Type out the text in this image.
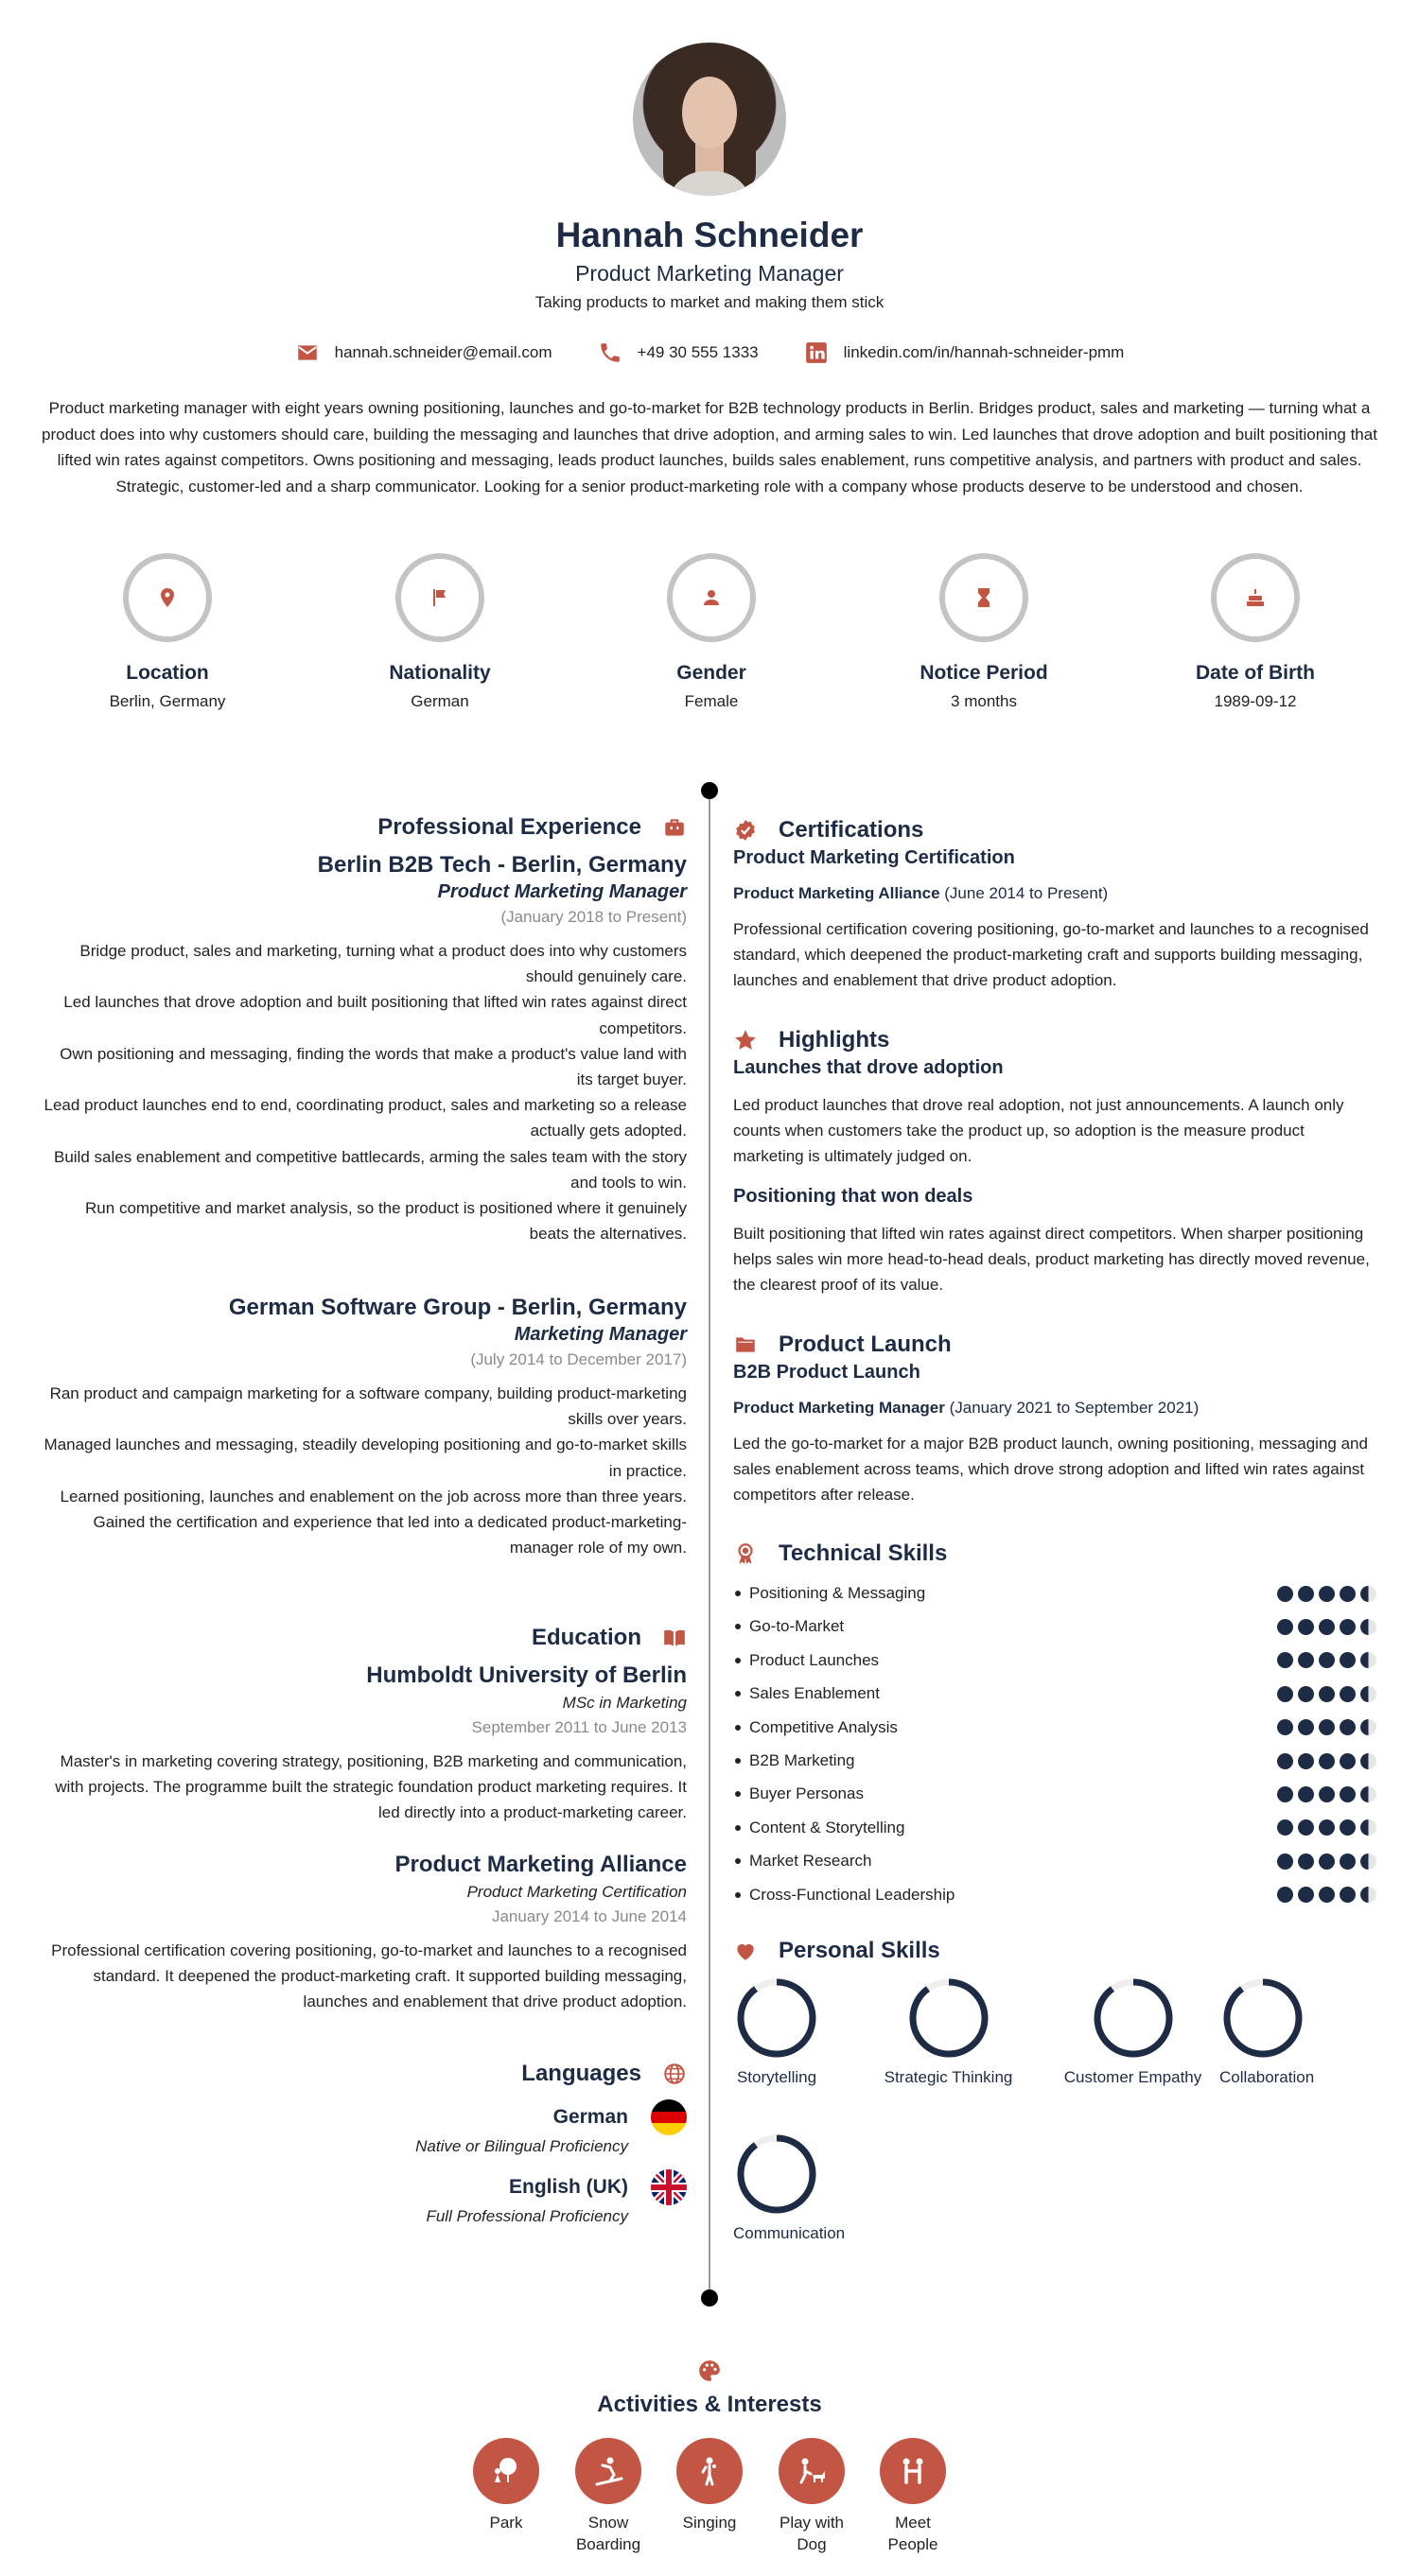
Hannah Schneider
Product Marketing Manager
Taking products to market and making them stick
hannah.schneider@email.com	+49 30 555 1333	linkedin.com/in/hannah-schneider-pmm
Product marketing manager with eight years owning positioning, launches and go-to-market for B2B technology products in Berlin. Bridges product, sales and marketing — turning what a product does into why customers should care, building the messaging and launches that drive adoption, and arming sales to win. Led launches that drove adoption and built positioning that lifted win rates against competitors. Owns positioning and messaging, leads product launches, builds sales enablement, runs competitive analysis, and partners with product and sales. Strategic, customer-led and a sharp communicator. Looking for a senior product-marketing role with a company whose products deserve to be understood and chosen.
Location
Berlin, Germany
Nationality
German
Gender
Female
Notice Period
3 months
Date of Birth
1989-09-12
Professional Experience
Berlin B2B Tech - Berlin, Germany
Product Marketing Manager
(January 2018 to Present)
Bridge product, sales and marketing, turning what a product does into why customers should genuinely care.
Led launches that drove adoption and built positioning that lifted win rates against direct competitors.
Own positioning and messaging, finding the words that make a product's value land with its target buyer.
Lead product launches end to end, coordinating product, sales and marketing so a release actually gets adopted.
Build sales enablement and competitive battlecards, arming the sales team with the story and tools to win.
Run competitive and market analysis, so the product is positioned where it genuinely beats the alternatives.
German Software Group - Berlin, Germany
Marketing Manager
(July 2014 to December 2017)
Ran product and campaign marketing for a software company, building product-marketing skills over years.
Managed launches and messaging, steadily developing positioning and go-to-market skills in practice.
Learned positioning, launches and enablement on the job across more than three years.
Gained the certification and experience that led into a dedicated product-marketing-manager role of my own.
Education
Humboldt University of Berlin
MSc in Marketing
September 2011 to June 2013
Master's in marketing covering strategy, positioning, B2B marketing and communication, with projects. The programme built the strategic foundation product marketing requires. It led directly into a product-marketing career.
Product Marketing Alliance
Product Marketing Certification
January 2014 to June 2014
Professional certification covering positioning, go-to-market and launches to a recognised standard. It deepened the product-marketing craft. It supported building messaging, launches and enablement that drive product adoption.
Languages
German
Native or Bilingual Proficiency
English (UK)
Full Professional Proficiency
Certifications
Product Marketing Certification
Product Marketing Alliance (June 2014 to Present)
Professional certification covering positioning, go-to-market and launches to a recognised standard, which deepened the product-marketing craft and supports building messaging, launches and enablement that drive product adoption.
Highlights
Launches that drove adoption
Led product launches that drove real adoption, not just announcements. A launch only counts when customers take the product up, so adoption is the measure product marketing is ultimately judged on.
Positioning that won deals
Built positioning that lifted win rates against direct competitors. When sharper positioning helps sales win more head-to-head deals, product marketing has directly moved revenue, the clearest proof of its value.
Product Launch
B2B Product Launch
Product Marketing Manager (January 2021 to September 2021)
Led the go-to-market for a major B2B product launch, owning positioning, messaging and sales enablement across teams, which drove strong adoption and lifted win rates against competitors after release.
Technical Skills
Positioning & Messaging
Go-to-Market
Product Launches
Sales Enablement
Competitive Analysis
B2B Marketing
Buyer Personas
Content & Storytelling
Market Research
Cross-Functional Leadership
Personal Skills
Storytelling	Strategic Thinking	Customer Empathy Collaboration
Communication
Activities & Interests
Park	Snow Boarding
Singing	Play with Dog
Meet People
